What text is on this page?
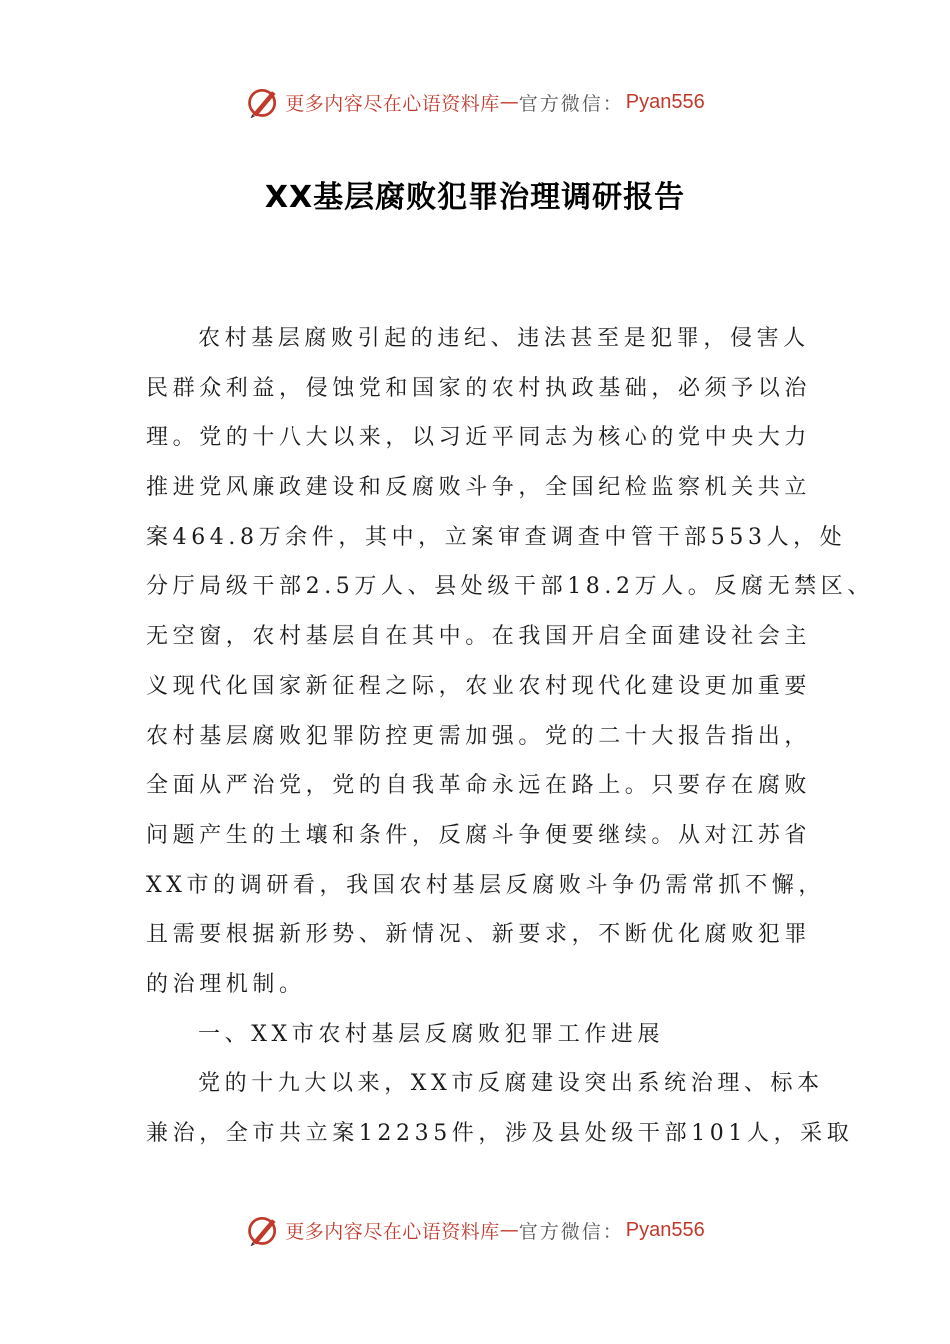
更多内容尽在心语资料库 — 官方微信： Pyan556
XX基层腐败犯罪治理调研报告
农村基层腐败引起的违纪、违法甚至是犯罪，侵害人
民群众利益，侵蚀党和国家的农村执政基础，必须予以治
理。党的十八大以来，以习近平同志为核心的党中央大力
推进党风廉政建设和反腐败斗争，全国纪检监察机关共立
案464.8万余件，其中，立案审查调查中管干部553人，处
分厅局级干部2.5万人、县处级干部18.2万人。反腐无禁区、
无空窗，农村基层自在其中。在我国开启全面建设社会主
义现代化国家新征程之际，农业农村现代化建设更加重要
农村基层腐败犯罪防控更需加强。党的二十大报告指出，
全面从严治党，党的自我革命永远在路上。只要存在腐败
问题产生的土壤和条件，反腐斗争便要继续。从对江苏省
XX市的调研看，我国农村基层反腐败斗争仍需常抓不懈，
且需要根据新形势、新情况、新要求，不断优化腐败犯罪
的治理机制。
一、XX市农村基层反腐败犯罪工作进展
党的十九大以来，XX市反腐建设突出系统治理、标本
兼治，全市共立案12235件，涉及县处级干部101人，采取
更多内容尽在心语资料库 — 官方微信： Pyan556
